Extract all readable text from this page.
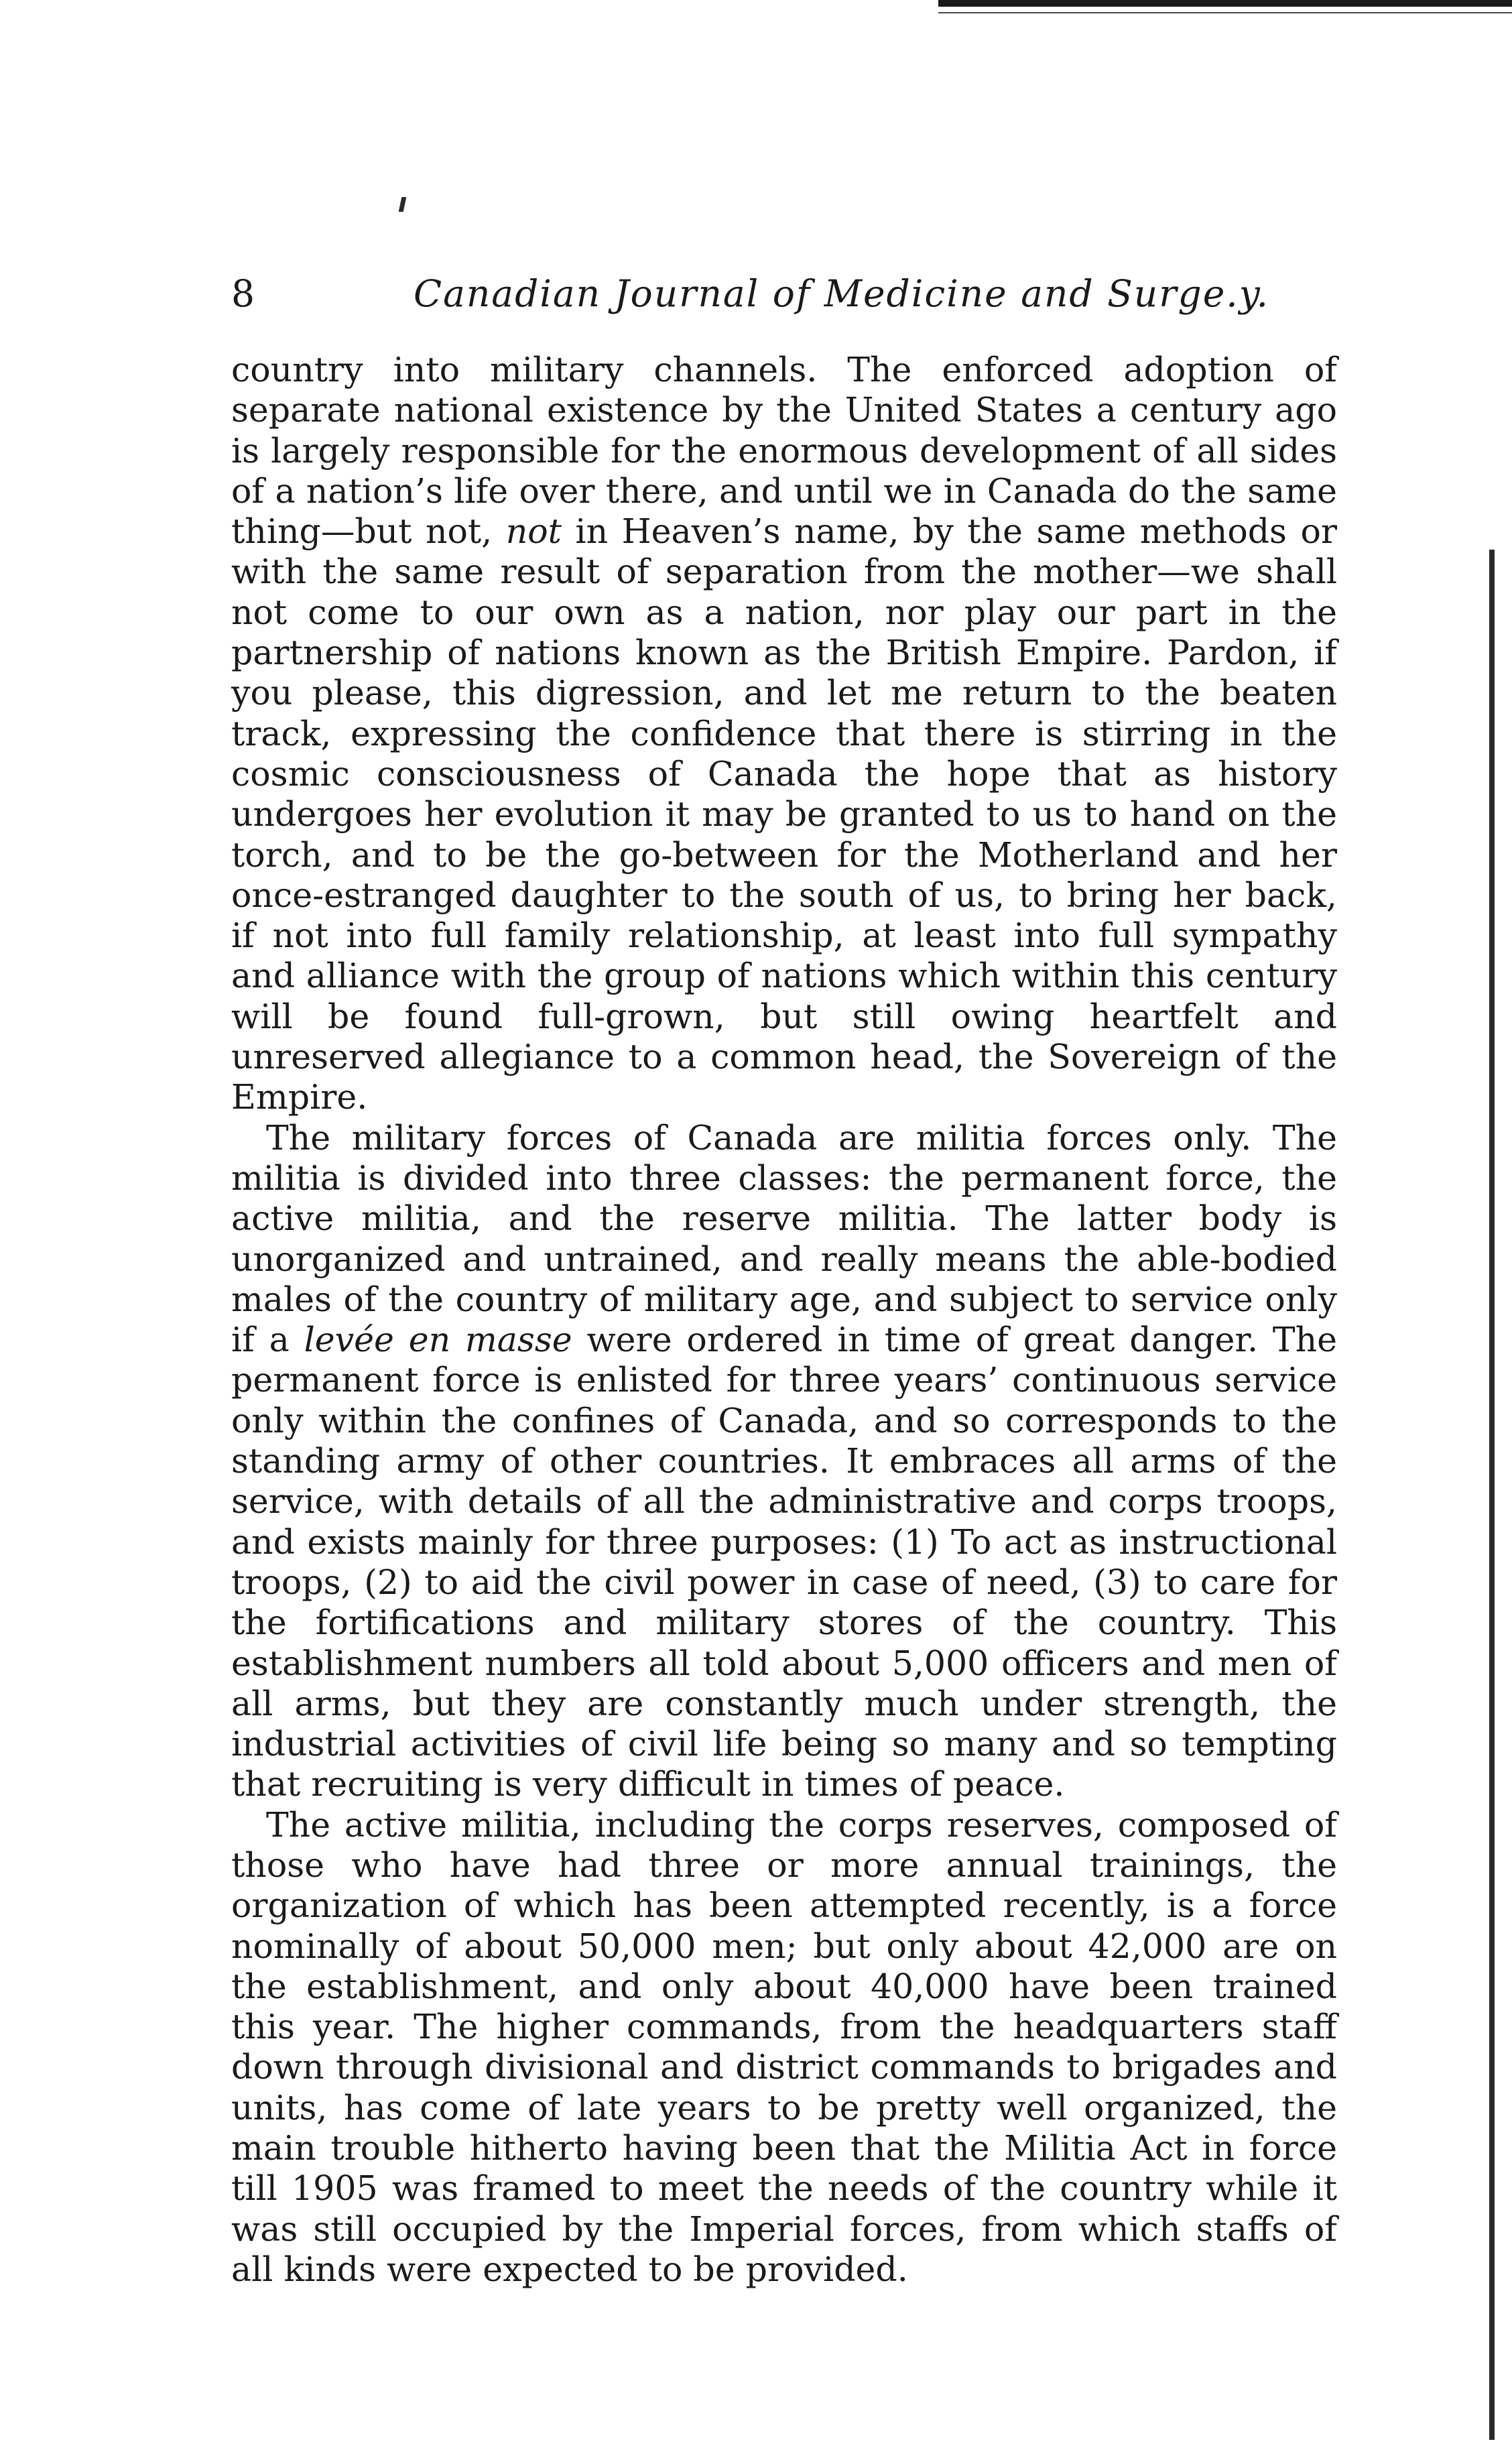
8	Canadian Journal of Medicine and Surge.y.

country into military channels. The enforced adoption of separate national existence by the United States a century ago is largely responsible for the enormous development of all sides of a nation’s life over there, and until we in Canada do the same thing—but not, not in Heaven’s name, by the same methods or with the same result of separation from the mother—we shall not come to our own as a nation, nor play our part in the partnership of nations known as the British Empire. Pardon, if you please, this digression, and let me return to the beaten track, expressing the confidence that there is stirring in the cosmic consciousness of Canada the hope that as history undergoes her evolution it may be granted to us to hand on the torch, and to be the go-between for the Motherland and her once-estranged daughter to the south of us, to bring her back, if not into full family relationship, at least into full sympathy and alliance with the group of nations which within this century will be found full-grown, but still owing heartfelt and unreserved allegiance to a common head, the Sovereign of the Empire.

The military forces of Canada are militia forces only. The militia is divided into three classes: the permanent force, the active militia, and the reserve militia. The latter body is unorganized and untrained, and really means the able-bodied males of the country of military age, and subject to service only if a levée en masse were ordered in time of great danger. The permanent force is enlisted for three years’ continuous service only within the confines of Canada, and so corresponds to the standing army of other countries. It embraces all arms of the service, with details of all the administrative and corps troops, and exists mainly for three purposes: (1) To act as instructional troops, (2) to aid the civil power in case of need, (3) to care for the fortifications and military stores of the country. This establishment numbers all told about 5,000 officers and men of all arms, but they are constantly much under strength, the industrial activities of civil life being so many and so tempting that recruiting is very difficult in times of peace.

The active militia, including the corps reserves, composed of those who have had three or more annual trainings, the organization of which has been attempted recently, is a force nominally of about 50,000 men; but only about 42,000 are on the establishment, and only about 40,000 have been trained this year. The higher commands, from the headquarters staff down through divisional and district commands to brigades and units, has come of late years to be pretty well organized, the main trouble hitherto having been that the Militia Act in force till 1905 was framed to meet the needs of the country while it was still occupied by the Imperial forces, from which staffs of all kinds were expected to be provided.
